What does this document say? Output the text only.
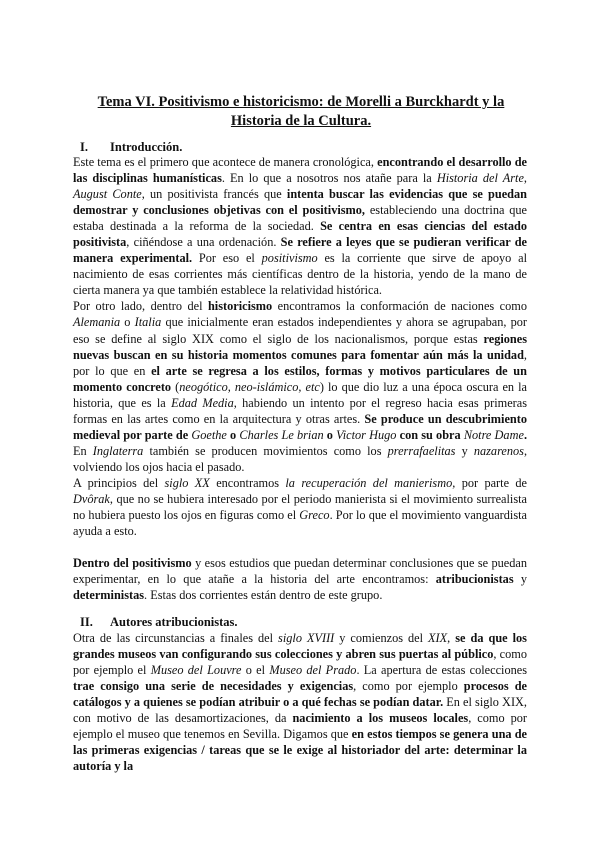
Tema VI. Positivismo e historicismo: de Morelli a Burckhardt y la
Historia de la Cultura.
I. Introducción.

Este tema es el primero que acontece de manera cronológica, encontrando el desarrollo de las disciplinas humanísticas. En lo que a nosotros nos atañe para la Historia del Arte, August Conte, un positivista francés que intenta buscar las evidencias que se puedan demostrar y conclusiones objetivas con el positivismo, estableciendo una doctrina que estaba destinada a la reforma de la sociedad. Se centra en esas ciencias del estado positivista, ciñéndose a una ordenación. Se refiere a leyes que se pudieran verificar de manera experimental. Por eso el positivismo es la corriente que sirve de apoyo al nacimiento de esas corrientes más científicas dentro de la historia, yendo de la mano de cierta manera ya que también establece la relatividad histórica.

Por otro lado, dentro del historicismo encontramos la conformación de naciones como Alemania o Italia que inicialmente eran estados independientes y ahora se agrupaban, por eso se define al siglo XIX como el siglo de los nacionalismos, porque estas regiones nuevas buscan en su historia momentos comunes para fomentar aún más la unidad, por lo que en el arte se regresa a los estilos, formas y motivos particulares de un momento concreto (neogótico, neo-islámico, etc) lo que dio luz a una época oscura en la historia, que es la Edad Media, habiendo un intento por el regreso hacia esas primeras formas en las artes como en la arquitectura y otras artes. Se produce un descubrimiento medieval por parte de Goethe o Charles Le brian o Victor Hugo con su obra Notre Dame. En Inglaterra también se producen movimientos como los prerrafaelitas y nazarenos, volviendo los ojos hacia el pasado.

A principios del siglo XX encontramos la recuperación del manierismo, por parte de Dvôrak, que no se hubiera interesado por el periodo manierista si el movimiento surrealista no hubiera puesto los ojos en figuras como el Greco. Por lo que el movimiento vanguardista ayuda a esto.

Dentro del positivismo y esos estudios que puedan determinar conclusiones que se puedan experimentar, en lo que atañe a la historia del arte encontramos: atribucionistas y deterministas. Estas dos corrientes están dentro de este grupo.

II. Autores atribucionistas.

Otra de las circunstancias a finales del siglo XVIII y comienzos del XIX, se da que los grandes museos van configurando sus colecciones y abren sus puertas al público, como por ejemplo el Museo del Louvre o el Museo del Prado. La apertura de estas colecciones trae consigo una serie de necesidades y exigencias, como por ejemplo procesos de catálogos y a quienes se podían atribuir o a qué fechas se podían datar. En el siglo XIX, con motivo de las desamortizaciones, da nacimiento a los museos locales, como por ejemplo el museo que tenemos en Sevilla. Digamos que en estos tiempos se genera una de las primeras exigencias / tareas que se le exige al historiador del arte: determinar la autoría y la
